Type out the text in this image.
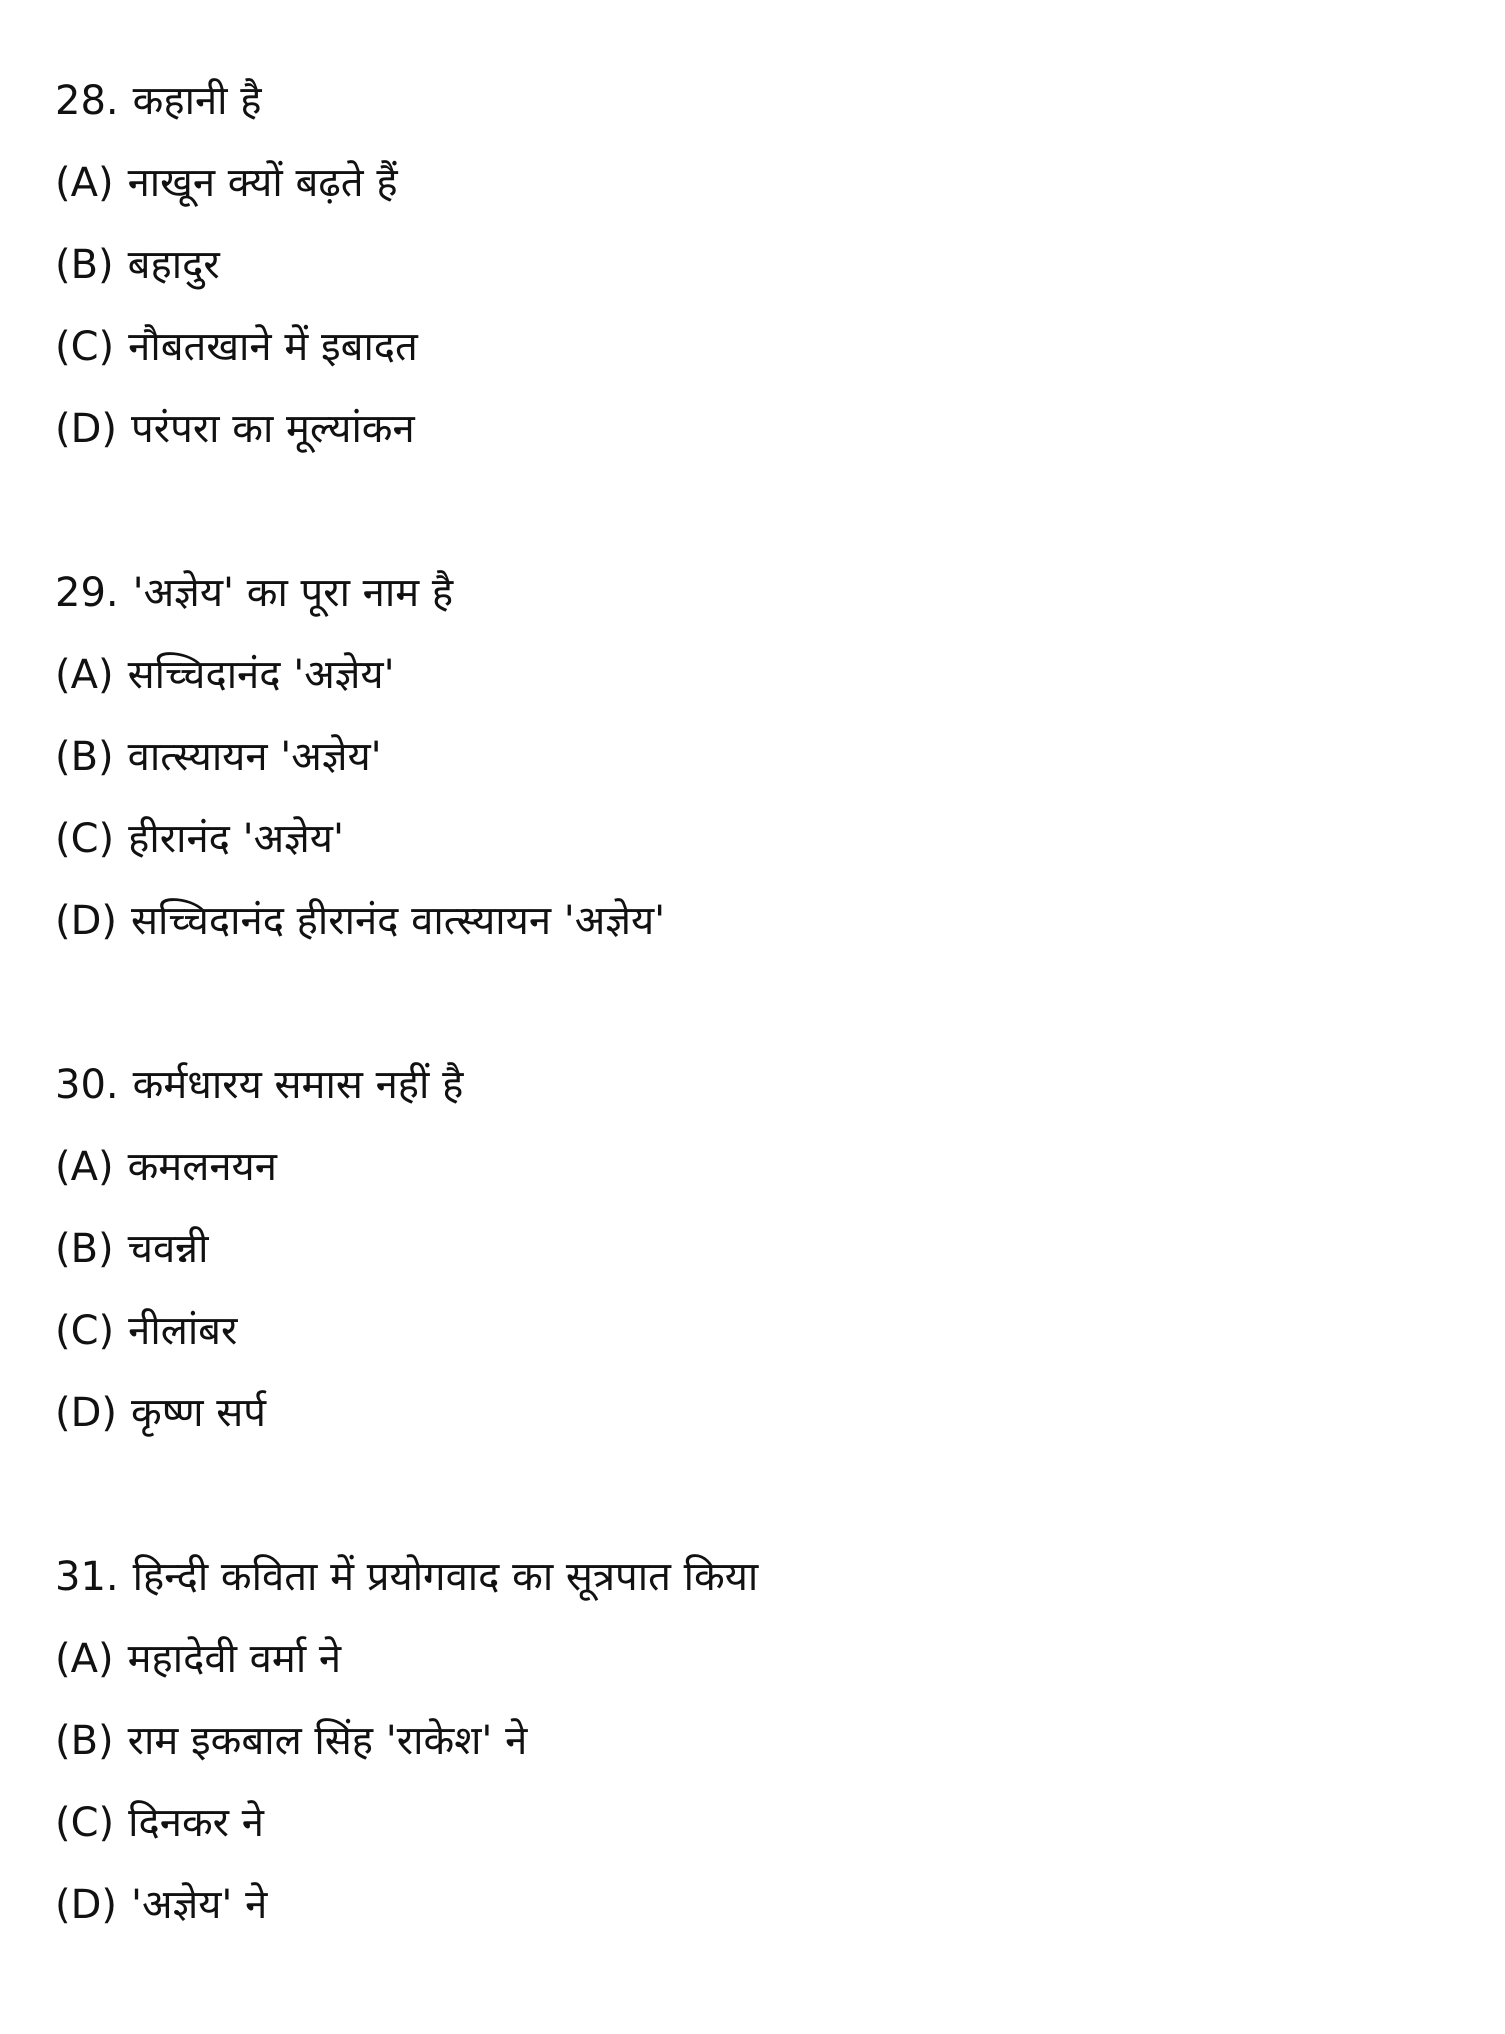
28. कहानी है
(A) नाखून क्यों बढ़ते हैं
(B) बहादुर
(C) नौबतखाने में इबादत
(D) परंपरा का मूल्यांकन
29. 'अज्ञेय' का पूरा नाम है
(A) सच्चिदानंद 'अज्ञेय'
(B) वात्स्यायन 'अज्ञेय'
(C) हीरानंद 'अज्ञेय'
(D) सच्चिदानंद हीरानंद वात्स्यायन 'अज्ञेय'
30. कर्मधारय समास नहीं है
(A) कमलनयन
(B) चवन्नी
(C) नीलांबर
(D) कृष्ण सर्प
31. हिन्दी कविता में प्रयोगवाद का सूत्रपात किया
(A) महादेवी वर्मा ने
(B) राम इकबाल सिंह 'राकेश' ने
(C) दिनकर ने
(D) 'अज्ञेय' ने
